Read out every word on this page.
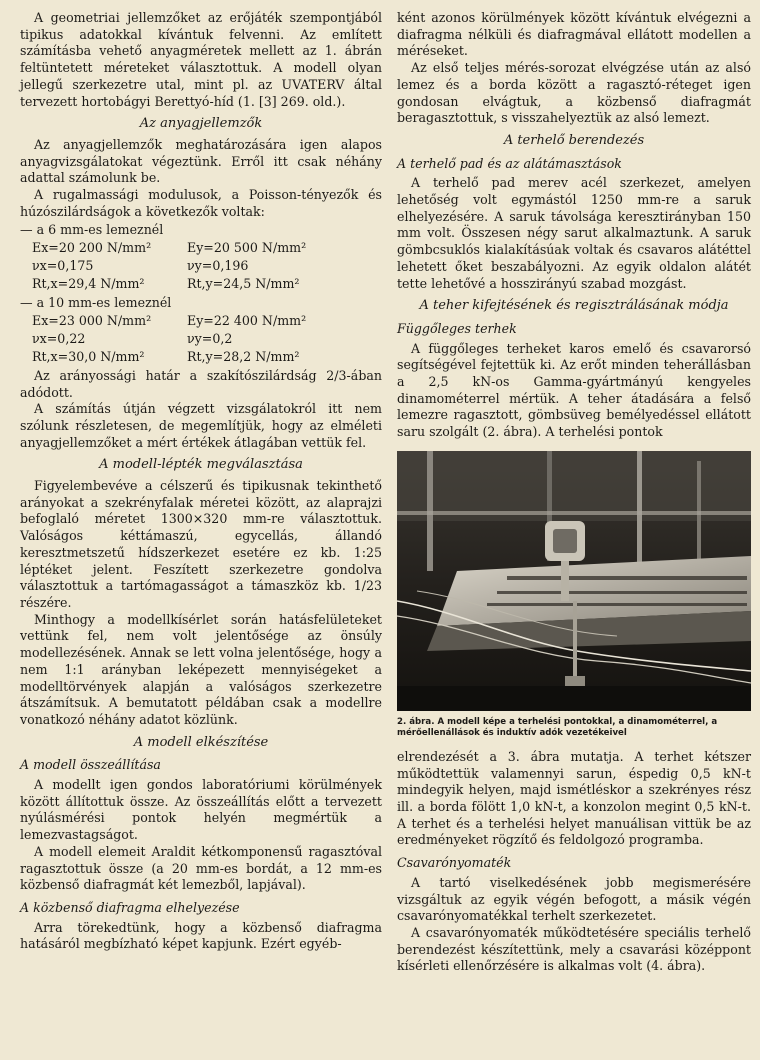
A geometriai jellemzőket az erőjáték szempontjából tipikus adatokkal kívántuk felvenni. Az említett számításba vehető anyagméretek mellett az 1. ábrán feltüntetett méreteket választottuk. A modell olyan jellegű szerkezetre utal, mint pl. az UVATERV által tervezett hortobágyi Berettyó-híd (1. [3] 269. old.).

Az anyagjellemzők

Az anyagjellemzők meghatározására igen alapos anyagvizsgálatokat végeztünk. Erről itt csak néhány adattal számolunk be.

A rugalmassági modulusok, a Poisson-tényezők és húzószilárdságok a következők voltak:

— a 6 mm-es lemeznél

Ex=20 200 N/mm²	Ey=20 500 N/mm²
νx=0,175	νy=0,196
Rt,x=29,4 N/mm²	Rt,y=24,5 N/mm²

— a 10 mm-es lemeznél

Ex=23 000 N/mm²	Ey=22 400 N/mm²
νx=0,22	νy=0,2
Rt,x=30,0 N/mm²	Rt,y=28,2 N/mm²

Az arányossági határ a szakítószilárdság 2/3-ában adódott.

A számítás útján végzett vizsgálatokról itt nem szólunk részletesen, de megemlítjük, hogy az elméleti anyagjellemzőket a mért értékek átlagában vettük fel.

A modell-lépték megválasztása

Figyelembevéve a célszerű és tipikusnak tekinthető arányokat a szekrényfalak méretei között, az alaprajzi befoglaló méretet 1300×320 mm-re választottuk. Valóságos kéttámaszú, egycellás, állandó keresztmetszetű hídszerkezet esetére ez kb. 1:25 léptéket jelent. Feszített szerkezetre gondolva választottuk a tartómagasságot a támaszköz kb. 1/23 részére.

Minthogy a modellkísérlet során hatásfelületeket vettünk fel, nem volt jelentősége az önsúly modellezésének. Annak se lett volna jelentősége, hogy a nem 1:1 arányban leképezett mennyiségeket a modelltörvények alapján a valóságos szerkezetre átszámítsuk. A bemutatott példában csak a modellre vonatkozó néhány adatot közlünk.

A modell elkészítése
A modell összeállítása

A modellt igen gondos laboratóriumi körülmények között állítottuk össze. Az összeállítás előtt a tervezett nyúlásmérési pontok helyén megmértük a lemezvastagságot.

A modell elemeit Araldit kétkomponensű ragasztóval ragasztottuk össze (a 20 mm-es bordát, a 12 mm-es közbenső diafragmát két lemezből, lapjával).

A közbenső diafragma elhelyezése

Arra törekedtünk, hogy a közbenső diafragma hatásáról megbízható képet kapjunk. Ezért egyéb-

ként azonos körülmények között kívántuk elvégezni a diafragma nélküli és diafragmával ellátott modellen a méréseket.

Az első teljes mérés-sorozat elvégzése után az alsó lemez és a borda között a ragasztó-réteget igen gondosan elvágtuk, a közbenső diafragmát beragasztottuk, s visszahelyeztük az alsó lemezt.

A terhelő berendezés
A terhelő pad és az alátámasztások

A terhelő pad merev acél szerkezet, amelyen lehetőség volt egymástól 1250 mm-re a saruk elhelyezésére. A saruk távolsága keresztirányban 150 mm volt. Összesen négy sarut alkalmaztunk. A saruk gömbcsuklós kialakításúak voltak és csavaros alátéttel lehetett őket beszabályozni. Az egyik oldalon alátét tette lehetővé a hosszirányú szabad mozgást.

A teher kifejtésének és regisztrálásának módja
Függőleges terhek

A függőleges terheket karos emelő és csavarorsó segítségével fejtettük ki. Az erőt minden teherállásban a 2,5 kN-os Gamma-gyártmányú kengyeles dinamométerrel mértük. A teher átadására a felső lemezre ragasztott, gömbsüveg bemélyedéssel ellátott saru szolgált (2. ábra). A terhelési pontok

2. ábra. A modell képe a terhelési pontokkal, a dinamométerrel, a mérőellenállások és induktív adók vezetékeivel

elrendezését a 3. ábra mutatja. A terhet kétszer működtettük valamennyi sarun, éspedig 0,5 kN-t mindegyik helyen, majd ismétléskor a szekrényes rész ill. a borda fölött 1,0 kN-t, a konzolon megint 0,5 kN-t. A terhet és a terhelési helyet manuálisan vittük be az eredményeket rögzítő és feldolgozó programba.

Csavarónyomaték

A tartó viselkedésének jobb megismerésére vizsgáltuk az egyik végén befogott, a másik végén csavarónyomatékkal terhelt szerkezetet.

A csavarónyomaték működtetésére speciális terhelő berendezést készítettünk, mely a csavarási középpont kísérleti ellenőrzésére is alkalmas volt (4. ábra).
